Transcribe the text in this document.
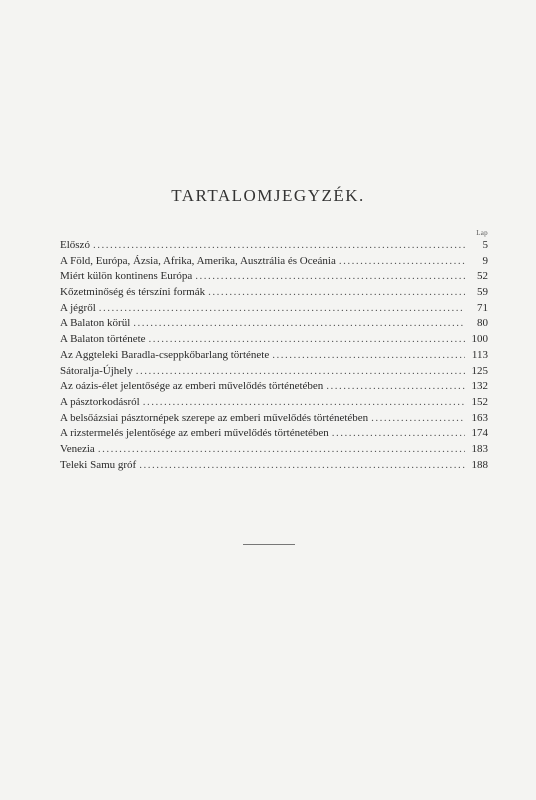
TARTALOMJEGYZÉK.
Lap
Előszó .....	5
A Föld, Európa, Ázsia, Afrika, Amerika, Ausztrália és Oceánia .....	9
Miért külön kontinens Európa .....	52
Kőzetminőség és térszíni formák .....	59
A jégről .....	71
A Balaton körül .....	80
A Balaton története .....	100
Az Aggteleki Baradla-cseppkőbarlang története .....	113
Sátoralja-Újhely .....	125
Az oázis-élet jelentősége az emberi művelődés történetében .....	132
A pásztorkodásról .....	152
A belsőázsiai pásztornépek szerepe az emberi művelődés történetében .....	163
A rizstermelés jelentősége az emberi művelődés történetében .....	174
Venezia .....	183
Teleki Samu gróf .....	188
